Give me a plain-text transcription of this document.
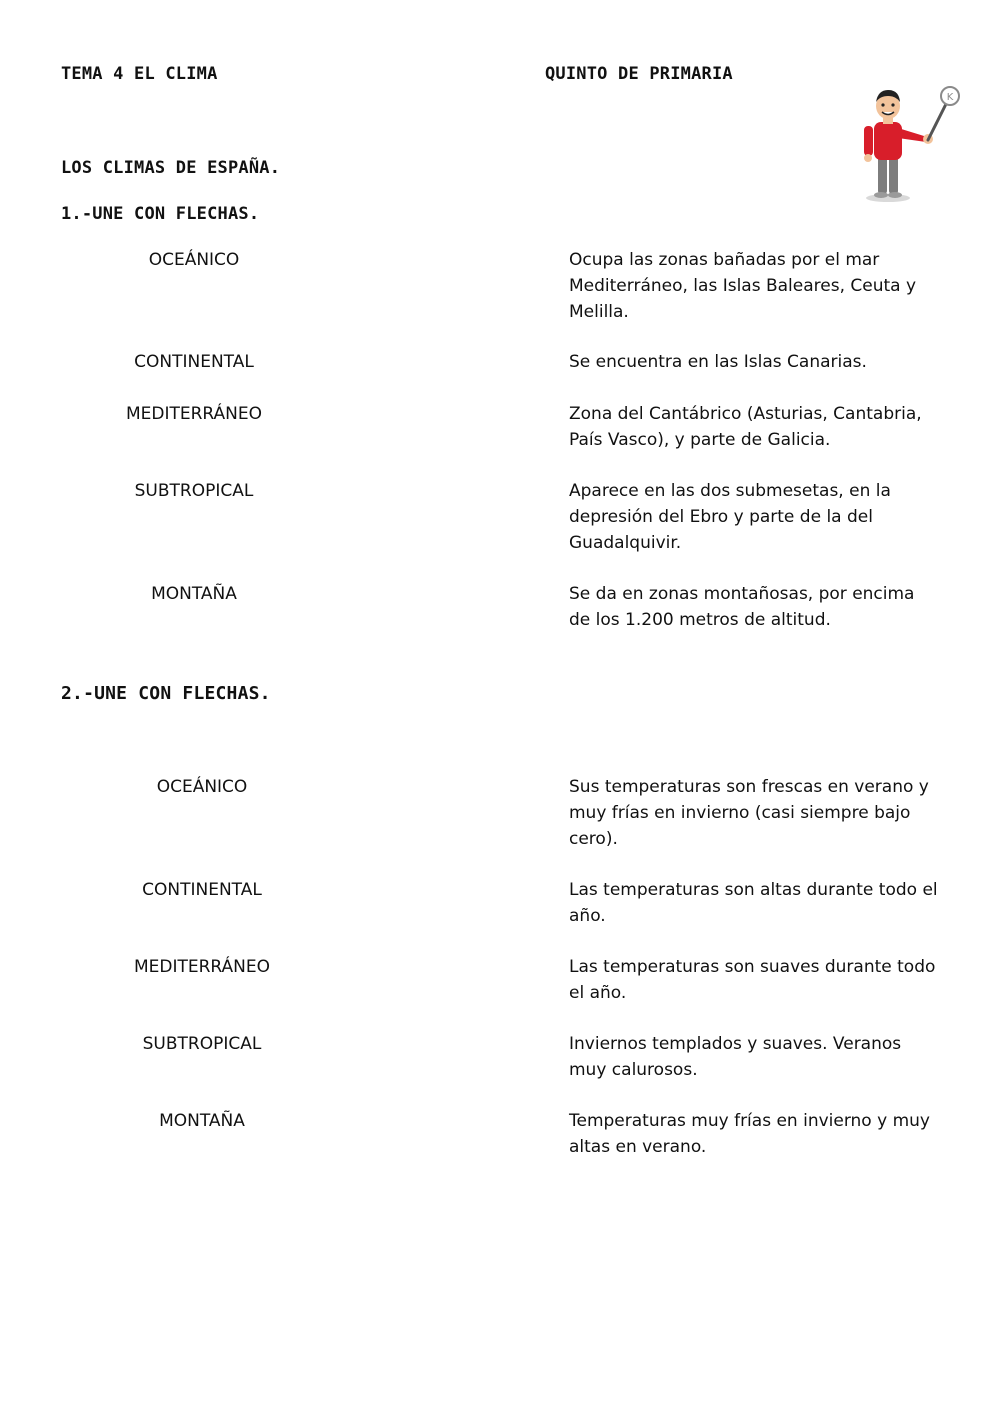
TEMA 4 EL CLIMA	QUINTO DE PRIMARIA
K
LOS CLIMAS DE ESPAÑA.
1.-UNE CON FLECHAS.
OCEÁNICO
CONTINENTAL
MEDITERRÁNEO
SUBTROPICAL
MONTAÑA
Ocupa las zonas bañadas por el mar Mediterráneo, las Islas Baleares, Ceuta y Melilla.
Se encuentra en las Islas Canarias.
Zona del Cantábrico (Asturias, Cantabria, País Vasco), y parte de Galicia.
Aparece en las dos submesetas, en la depresión del Ebro y parte de la del Guadalquivir.
Se da en zonas montañosas, por encima de los 1.200 metros de altitud.
2.-UNE CON FLECHAS.
OCEÁNICO
CONTINENTAL
MEDITERRÁNEO
SUBTROPICAL
MONTAÑA
Sus temperaturas son frescas en verano y muy frías en invierno (casi siempre bajo cero).
Las temperaturas son altas durante todo el año.
Las temperaturas son suaves durante todo el año.
Inviernos templados y suaves. Veranos muy calurosos.
Temperaturas muy frías en invierno y muy altas en verano.
